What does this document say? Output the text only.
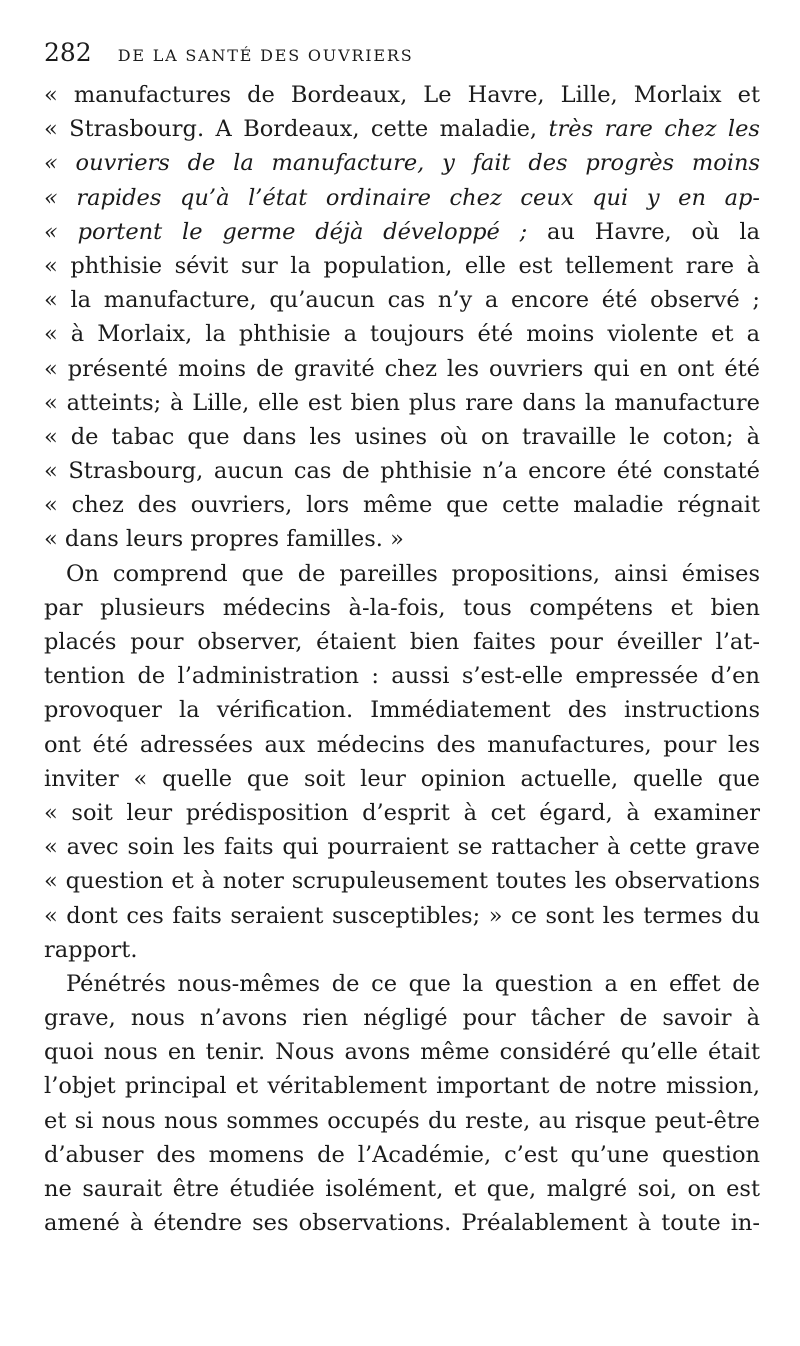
282 DE LA SANTÉ DES OUVRIERS
« manufactures de Bordeaux, Le Havre, Lille, Morlaix et
« Strasbourg. A Bordeaux, cette maladie, très rare chez les
« ouvriers de la manufacture, y fait des progrès moins
« rapides qu’à l’état ordinaire chez ceux qui y en ap-
« portent le germe déjà développé ; au Havre, où la
« phthisie sévit sur la population, elle est tellement rare à
« la manufacture, qu’aucun cas n’y a encore été observé ;
« à Morlaix, la phthisie a toujours été moins violente et a
« présenté moins de gravité chez les ouvriers qui en ont été
« atteints; à Lille, elle est bien plus rare dans la manufacture
« de tabac que dans les usines où on travaille le coton; à
« Strasbourg, aucun cas de phthisie n’a encore été constaté
« chez des ouvriers, lors même que cette maladie régnait
« dans leurs propres familles. »
On comprend que de pareilles propositions, ainsi émises
par plusieurs médecins à-la-fois, tous compétens et bien
placés pour observer, étaient bien faites pour éveiller l’at-
tention de l’administration : aussi s’est-elle empressée d’en
provoquer la vérification. Immédiatement des instructions
ont été adressées aux médecins des manufactures, pour les
inviter « quelle que soit leur opinion actuelle, quelle que
« soit leur prédisposition d’esprit à cet égard, à examiner
« avec soin les faits qui pourraient se rattacher à cette grave
« question et à noter scrupuleusement toutes les observations
« dont ces faits seraient susceptibles; » ce sont les termes du
rapport.
Pénétrés nous-mêmes de ce que la question a en effet de
grave, nous n’avons rien négligé pour tâcher de savoir à
quoi nous en tenir. Nous avons même considéré qu’elle était
l’objet principal et véritablement important de notre mission,
et si nous nous sommes occupés du reste, au risque peut-être
d’abuser des momens de l’Académie, c’est qu’une question
ne saurait être étudiée isolément, et que, malgré soi, on est
amené à étendre ses observations. Préalablement à toute in-
